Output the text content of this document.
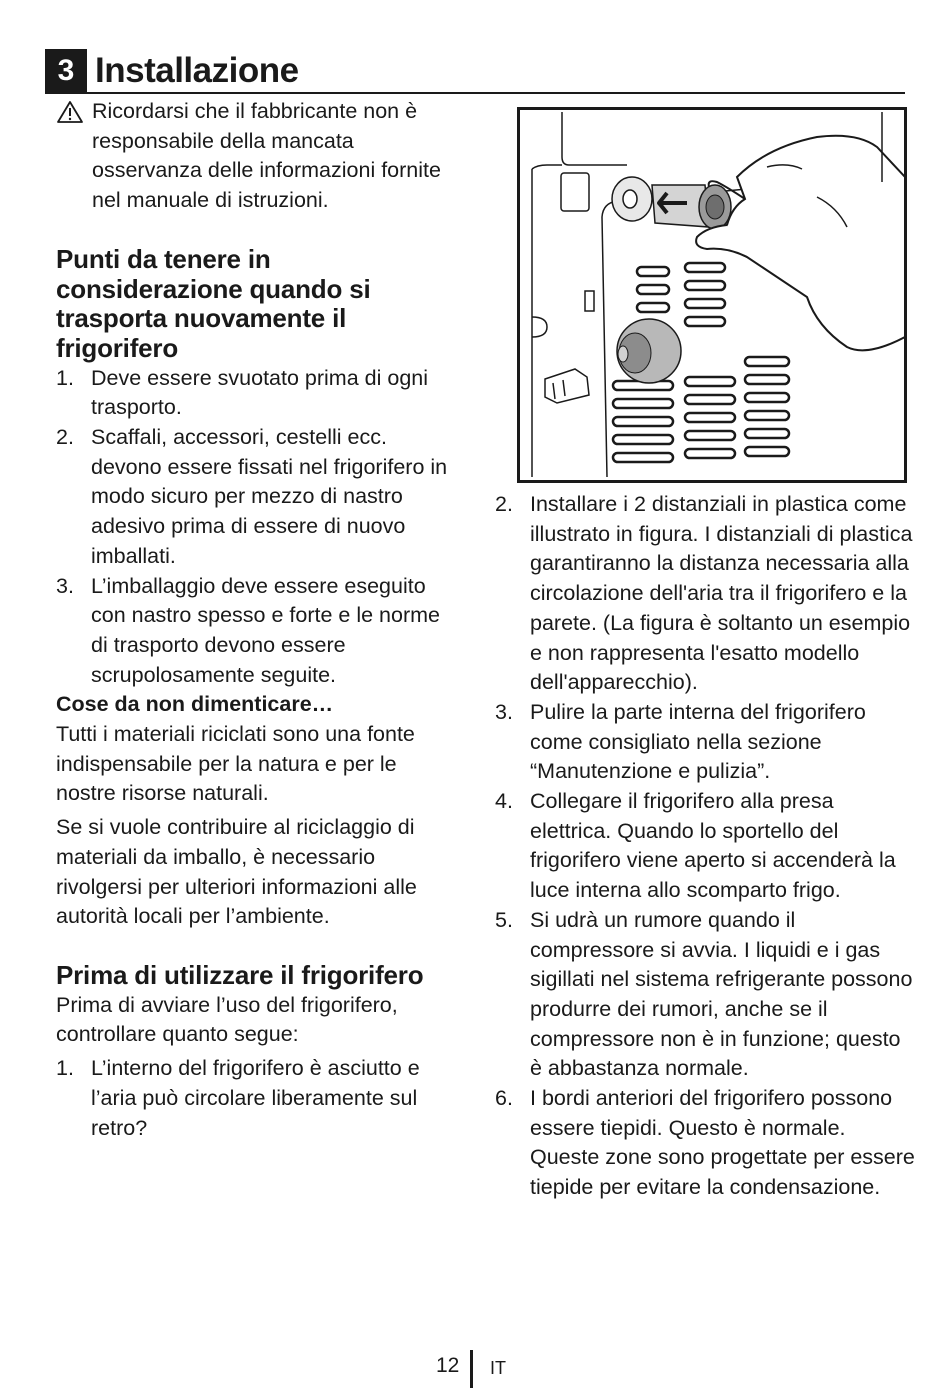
3 Installazione

Ricordarsi che il fabbricante non è responsabile della mancata osservanza delle informazioni fornite nel manuale di istruzioni.

Punti da tenere in considerazione quando si trasporta nuovamente il frigorifero
1. Deve essere svuotato prima di ogni trasporto.
2. Scaffali, accessori, cestelli ecc. devono essere fissati nel frigorifero in modo sicuro per mezzo di nastro adesivo prima di essere di nuovo imballati.
3. L’imballaggio deve essere eseguito con nastro spesso e forte e le norme di trasporto devono essere scrupolosamente seguite.
Cose da non dimenticare…

Tutti i materiali riciclati sono una fonte indispensabile per la natura e per le nostre risorse naturali.

Se si vuole contribuire al riciclaggio di materiali da imballo, è necessario rivolgersi per ulteriori informazioni alle autorità locali per l’ambiente.

Prima di utilizzare il frigorifero

Prima di avviare l’uso del frigorifero, controllare quanto segue:

1. L’interno del frigorifero è asciutto e l’aria può circolare liberamente sul retro?
2. Installare i 2 distanziali in plastica come illustrato in figura. I distanziali di plastica garantiranno la distanza necessaria alla circolazione dell'aria tra il frigorifero e la parete. (La figura è soltanto un esempio e non rappresenta l'esatto modello dell'apparecchio).
3. Pulire la parte interna del frigorifero come consigliato nella sezione “Manutenzione e pulizia”.
4. Collegare il frigorifero alla presa elettrica. Quando lo sportello del frigorifero viene aperto si accenderà la luce interna allo scomparto frigo.
5. Si udrà un rumore quando il compressore si avvia. I liquidi e i gas sigillati nel sistema refrigerante possono produrre dei rumori, anche se il compressore non è in funzione; questo è abbastanza normale.
6. I bordi anteriori del frigorifero possono essere tiepidi. Questo è normale. Queste zone sono progettate per essere tiepide per evitare la condensazione.
12 IT
